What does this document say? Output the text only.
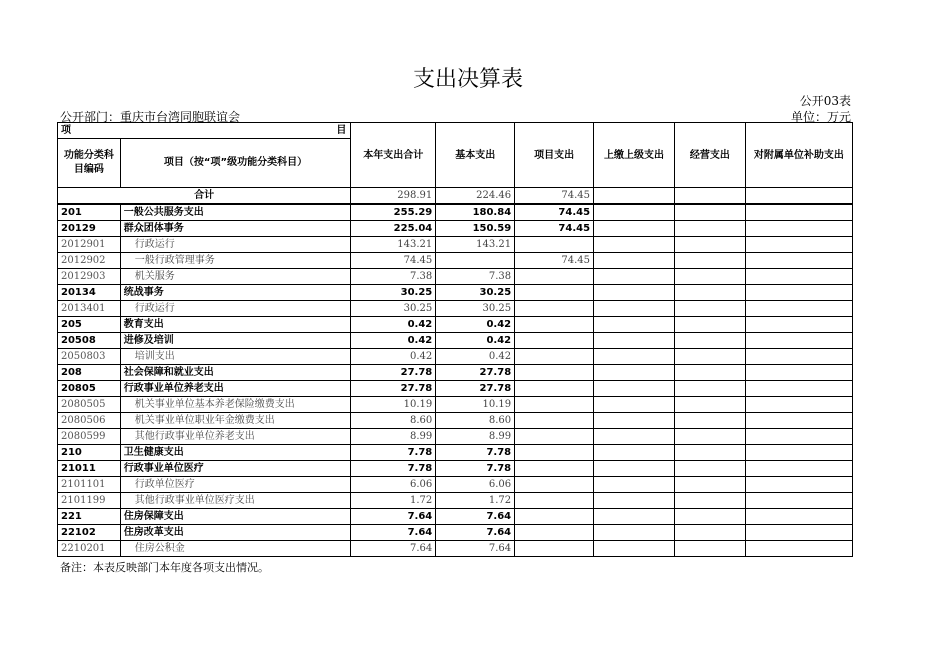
支出决算表
公开03表
公开部门：重庆市台湾同胞联谊会	单位：万元
项 目		本年支出合计	基本支出	项目支出	上缴上级支出	经营支出	对附属单位补助支出
功能分类科目编码	项目（按“项”级功能分类科目）						
合计		298.91	224.46	74.45			
201	一般公共服务支出	255.29	180.84	74.45			
20129	群众团体事务	225.04	150.59	74.45			
2012901	行政运行	143.21	143.21				
2012902	一般行政管理事务	74.45		74.45			
2012903	机关服务	7.38	7.38				
20134	统战事务	30.25	30.25				
2013401	行政运行	30.25	30.25				
205	教育支出	0.42	0.42				
20508	进修及培训	0.42	0.42				
2050803	培训支出	0.42	0.42				
208	社会保障和就业支出	27.78	27.78				
20805	行政事业单位养老支出	27.78	27.78				
2080505	机关事业单位基本养老保险缴费支出	10.19	10.19				
2080506	机关事业单位职业年金缴费支出	8.60	8.60				
2080599	其他行政事业单位养老支出	8.99	8.99				
210	卫生健康支出	7.78	7.78				
21011	行政事业单位医疗	7.78	7.78				
2101101	行政单位医疗	6.06	6.06				
2101199	其他行政事业单位医疗支出	1.72	1.72				
221	住房保障支出	7.64	7.64				
22102	住房改革支出	7.64	7.64				
2210201	住房公积金	7.64	7.64				
备注：本表反映部门本年度各项支出情况。
